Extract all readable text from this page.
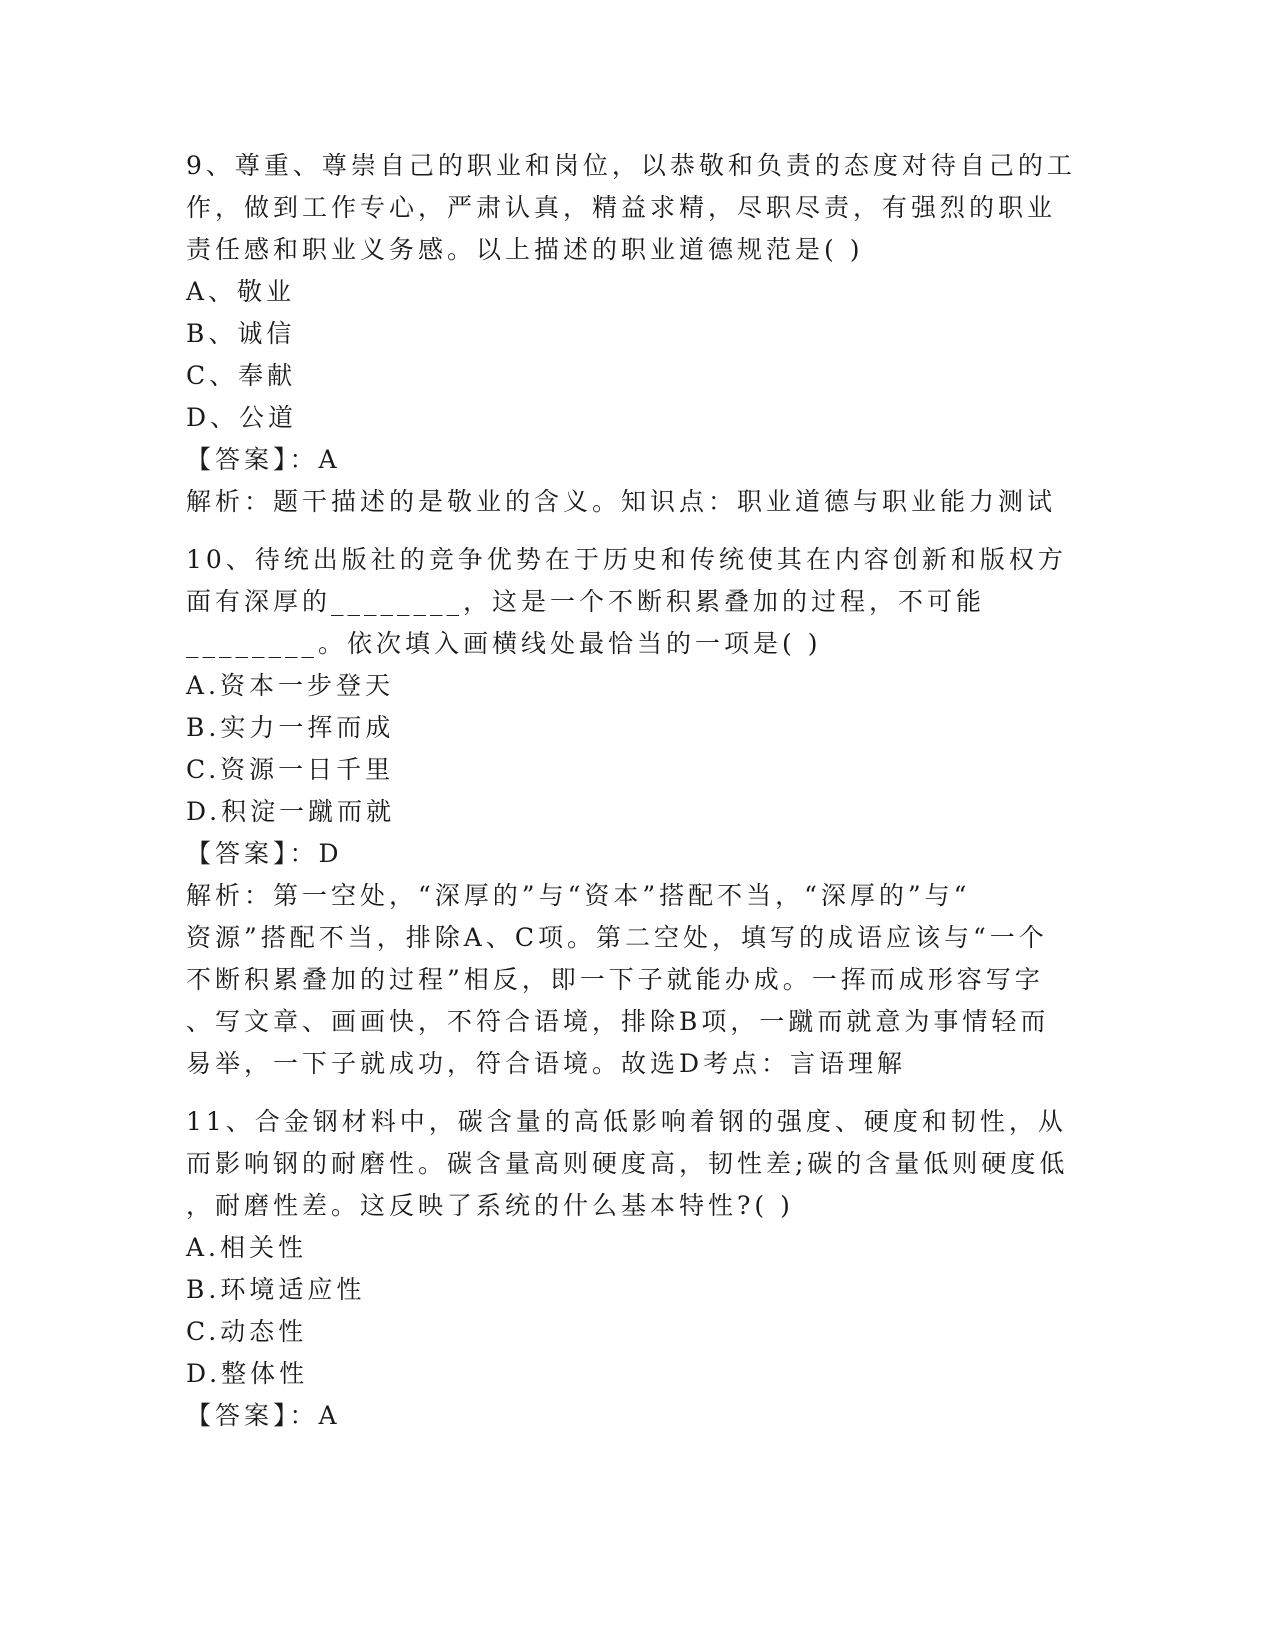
9、尊重、尊崇自己的职业和岗位，以恭敬和负责的态度对待自己的工
作，做到工作专心，严肃认真，精益求精，尽职尽责，有强烈的职业
责任感和职业义务感。以上描述的职业道德规范是( )
A、敬业
B、诚信
C、奉献
D、公道
【答案】：A
解析：题干描述的是敬业的含义。知识点：职业道德与职业能力测试
10、待统出版社的竞争优势在于历史和传统使其在内容创新和版权方
面有深厚的________，这是一个不断积累叠加的过程，不可能
________。依次填入画横线处最恰当的一项是( )
A.资本一步登天
B.实力一挥而成
C.资源一日千里
D.积淀一蹴而就
【答案】：D
解析：第一空处，“深厚的”与“资本”搭配不当，“深厚的”与“
资源”搭配不当，排除A、C项。第二空处，填写的成语应该与“一个
不断积累叠加的过程”相反，即一下子就能办成。一挥而成形容写字
、写文章、画画快，不符合语境，排除B项，一蹴而就意为事情轻而
易举，一下子就成功，符合语境。故选D考点：言语理解
11、合金钢材料中，碳含量的高低影响着钢的强度、硬度和韧性，从
而影响钢的耐磨性。碳含量高则硬度高，韧性差;碳的含量低则硬度低
，耐磨性差。这反映了系统的什么基本特性?( )
A.相关性
B.环境适应性
C.动态性
D.整体性
【答案】：A
